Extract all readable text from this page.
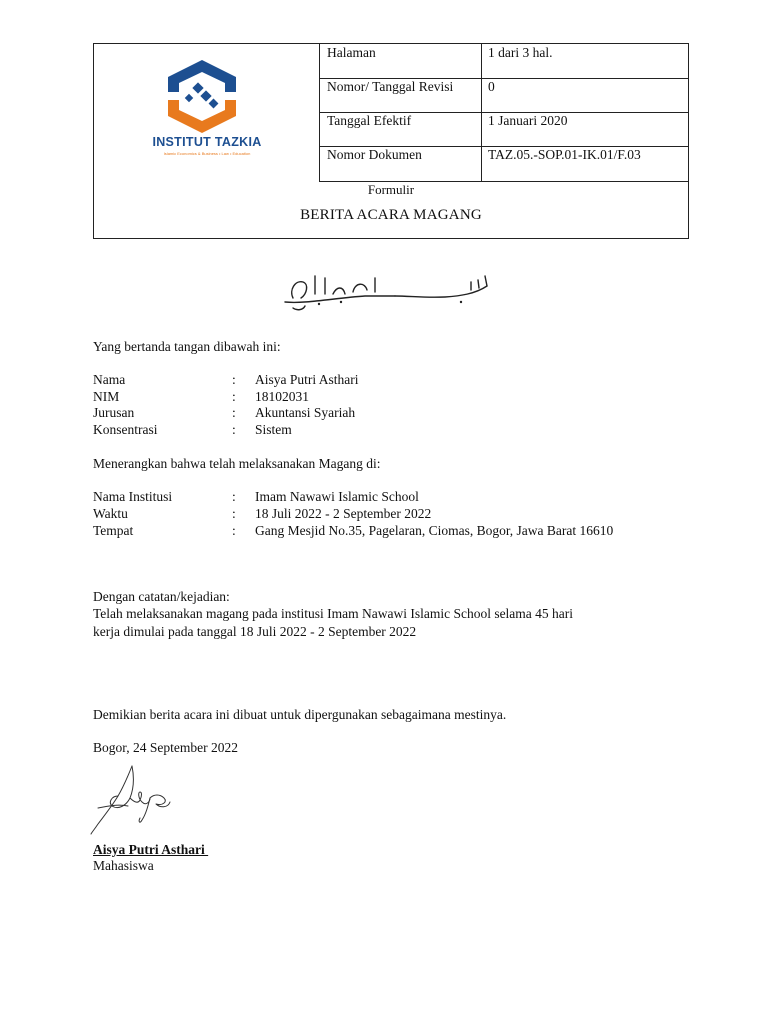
INSTITUT TAZKIA
Islamic Economics & Business • Law • Education
Halaman	1 dari 3 hal.
Nomor/ Tanggal Revisi	0
Tanggal Efektif	1 Januari 2020
Nomor Dokumen	TAZ.05.-SOP.01-IK.01/F.03
Formulir
BERITA ACARA MAGANG
Yang bertanda tangan dibawah ini:
Nama	: Aisya Putri Asthari
NIM	: 18102031
Jurusan	: Akuntansi Syariah
Konsentrasi	: Sistem
Menerangkan bahwa telah melaksanakan Magang di:
Nama Institusi	: Imam Nawawi Islamic School
Waktu	: 18 Juli 2022 - 2 September 2022
Tempat	: Gang Mesjid No.35, Pagelaran, Ciomas, Bogor, Jawa Barat 16610
Dengan catatan/kejadian:
Telah melaksanakan magang pada institusi Imam Nawawi Islamic School selama 45 hari
kerja dimulai pada tanggal 18 Juli 2022 - 2 September 2022
Demikian berita acara ini dibuat untuk dipergunakan sebagaimana mestinya.
Bogor, 24 September 2022
Aisya Putri Asthari
Mahasiswa
